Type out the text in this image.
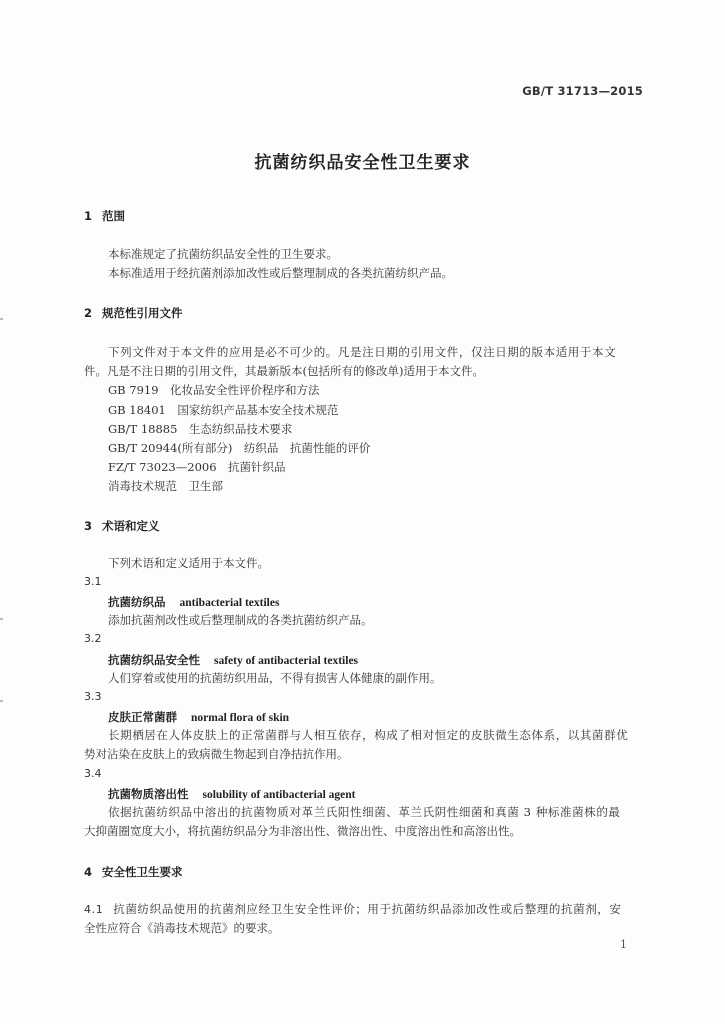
GB/T 31713—2015
抗菌纺织品安全性卫生要求
1 范围
本标准规定了抗菌纺织品安全性的卫生要求。
本标准适用于经抗菌剂添加改性或后整理制成的各类抗菌纺织产品。
2 规范性引用文件
下列文件对于本文件的应用是必不可少的。凡是注日期的引用文件，仅注日期的版本适用于本文
件。凡是不注日期的引用文件，其最新版本(包括所有的修改单)适用于本文件。
GB 7919　化妆品安全性评价程序和方法
GB 18401　国家纺织产品基本安全技术规范
GB/T 18885　生态纺织品技术要求
GB/T 20944(所有部分)　纺织品　抗菌性能的评价
FZ/T 73023—2006　抗菌针织品
消毒技术规范　卫生部
3 术语和定义
下列术语和定义适用于本文件。
3.1
抗菌纺织品 antibacterial textiles
添加抗菌剂改性或后整理制成的各类抗菌纺织产品。
3.2
抗菌纺织品安全性 safety of antibacterial textiles
人们穿着或使用的抗菌纺织用品，不得有损害人体健康的副作用。
3.3
皮肤正常菌群 normal flora of skin
长期栖居在人体皮肤上的正常菌群与人相互依存，构成了相对恒定的皮肤微生态体系，以其菌群优
势对沾染在皮肤上的致病微生物起到自净拮抗作用。
3.4
抗菌物质溶出性 solubility of antibacterial agent
依据抗菌纺织品中溶出的抗菌物质对革兰氏阳性细菌、革兰氏阴性细菌和真菌 3 种标准菌株的最
大抑菌圈宽度大小，将抗菌纺织品分为非溶出性、微溶出性、中度溶出性和高溶出性。
4 安全性卫生要求
4.1 抗菌纺织品使用的抗菌剂应经卫生安全性评价；用于抗菌纺织品添加改性或后整理的抗菌剂，安
全性应符合《消毒技术规范》的要求。
1
